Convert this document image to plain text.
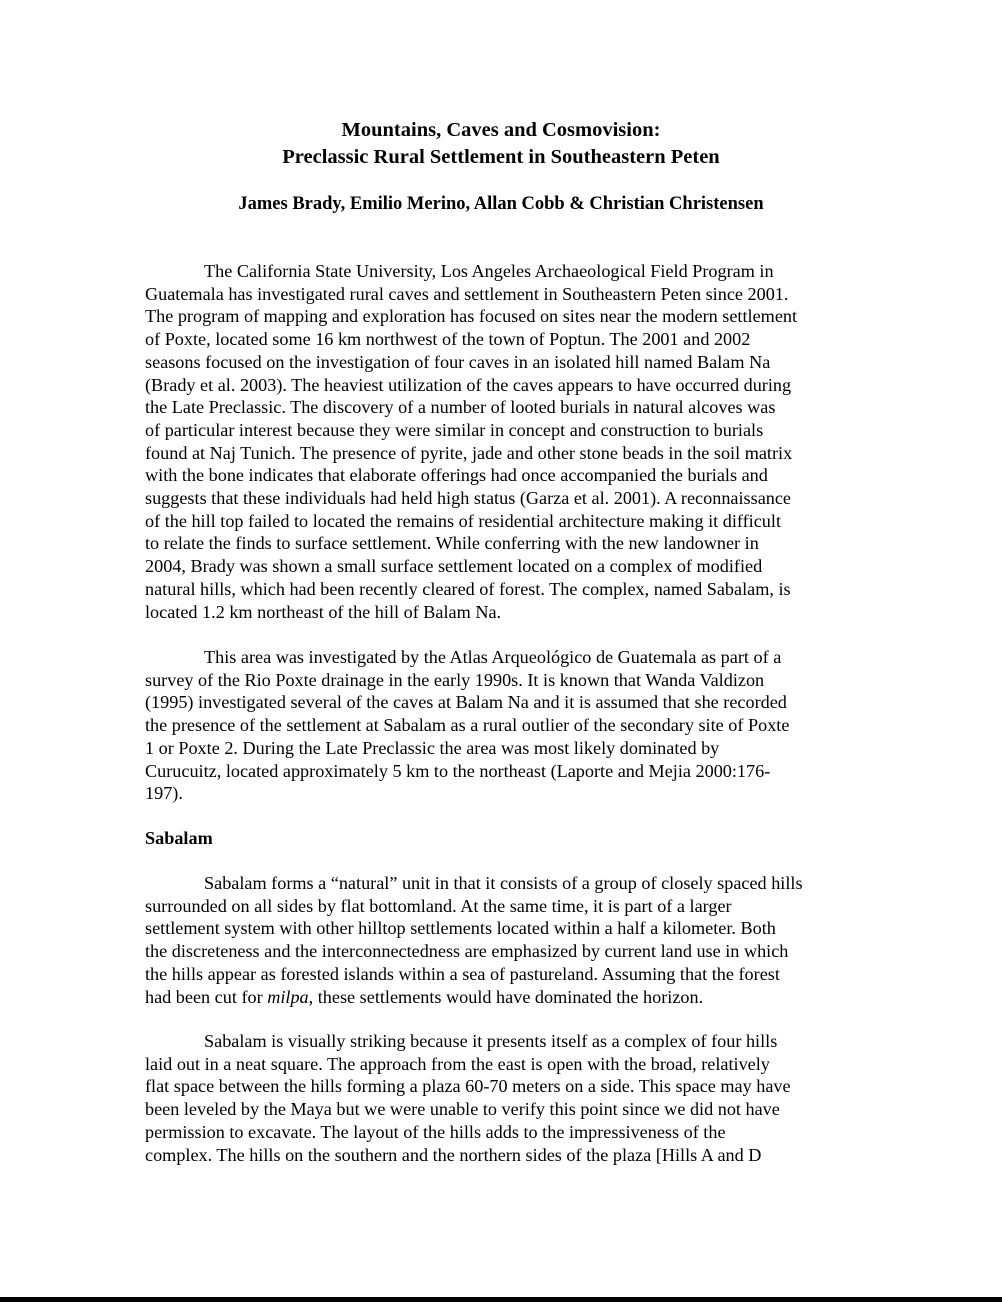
Mountains, Caves and Cosmovision:
Preclassic Rural Settlement in Southeastern Peten
James Brady, Emilio Merino, Allan Cobb & Christian Christensen
The California State University, Los Angeles Archaeological Field Program in
Guatemala has investigated rural caves and settlement in Southeastern Peten since 2001.
The program of mapping and exploration has focused on sites near the modern settlement
of Poxte, located some 16 km northwest of the town of Poptun. The 2001 and 2002
seasons focused on the investigation of four caves in an isolated hill named Balam Na
(Brady et al. 2003). The heaviest utilization of the caves appears to have occurred during
the Late Preclassic. The discovery of a number of looted burials in natural alcoves was
of particular interest because they were similar in concept and construction to burials
found at Naj Tunich. The presence of pyrite, jade and other stone beads in the soil matrix
with the bone indicates that elaborate offerings had once accompanied the burials and
suggests that these individuals had held high status (Garza et al. 2001). A reconnaissance
of the hill top failed to located the remains of residential architecture making it difficult
to relate the finds to surface settlement. While conferring with the new landowner in
2004, Brady was shown a small surface settlement located on a complex of modified
natural hills, which had been recently cleared of forest. The complex, named Sabalam, is
located 1.2 km northeast of the hill of Balam Na.
This area was investigated by the Atlas Arqueológico de Guatemala as part of a
survey of the Rio Poxte drainage in the early 1990s. It is known that Wanda Valdizon
(1995) investigated several of the caves at Balam Na and it is assumed that she recorded
the presence of the settlement at Sabalam as a rural outlier of the secondary site of Poxte
1 or Poxte 2. During the Late Preclassic the area was most likely dominated by
Curucuitz, located approximately 5 km to the northeast (Laporte and Mejia 2000:176-
197).
Sabalam
Sabalam forms a “natural” unit in that it consists of a group of closely spaced hills
surrounded on all sides by flat bottomland. At the same time, it is part of a larger
settlement system with other hilltop settlements located within a half a kilometer. Both
the discreteness and the interconnectedness are emphasized by current land use in which
the hills appear as forested islands within a sea of pastureland. Assuming that the forest
had been cut for milpa, these settlements would have dominated the horizon.
Sabalam is visually striking because it presents itself as a complex of four hills
laid out in a neat square. The approach from the east is open with the broad, relatively
flat space between the hills forming a plaza 60-70 meters on a side. This space may have
been leveled by the Maya but we were unable to verify this point since we did not have
permission to excavate. The layout of the hills adds to the impressiveness of the
complex. The hills on the southern and the northern sides of the plaza [Hills A and D
